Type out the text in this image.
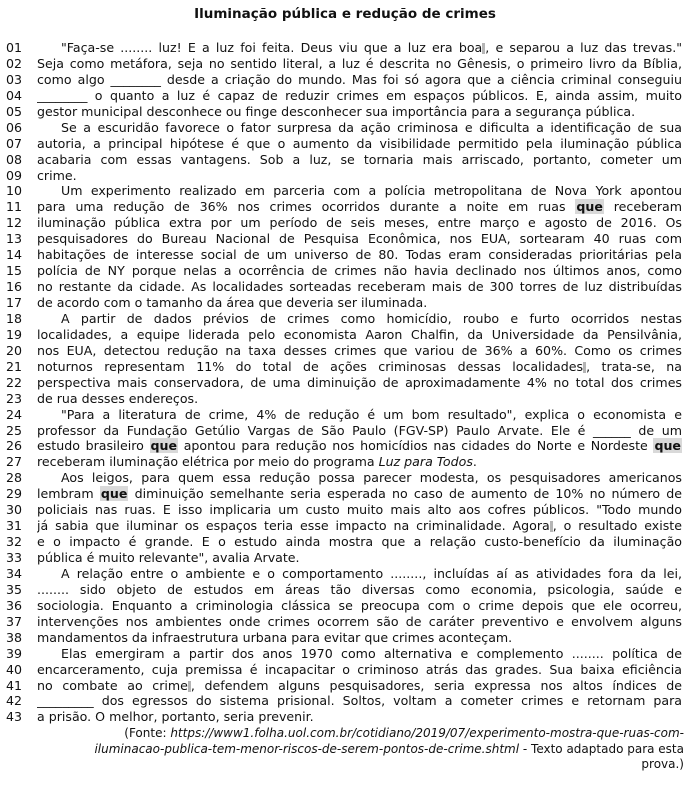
Iluminação pública e redução de crimes
01	"Faça-se ........ luz! E a luz foi feita. Deus viu que a luz era boa , e separou a luz das trevas."
02	Seja como metáfora, seja no sentido literal, a luz é descrita no Gênesis, o primeiro livro da Bíblia,
03	como algo ________ desde a criação do mundo. Mas foi só agora que a ciência criminal conseguiu
04	________ o quanto a luz é capaz de reduzir crimes em espaços públicos. E, ainda assim, muito
05	gestor municipal desconhece ou finge desconhecer sua importância para a segurança pública.
06	Se a escuridão favorece o fator surpresa da ação criminosa e dificulta a identificação de sua
07	autoria, a principal hipótese é que o aumento da visibilidade permitido pela iluminação pública
08	acabaria com essas vantagens. Sob a luz, se tornaria mais arriscado, portanto, cometer um
09	crime.
10	Um experimento realizado em parceria com a polícia metropolitana de Nova York apontou
11	para uma redução de 36% nos crimes ocorridos durante a noite em ruas que receberam
12	iluminação pública extra por um período de seis meses, entre março e agosto de 2016. Os
13	pesquisadores do Bureau Nacional de Pesquisa Econômica, nos EUA, sortearam 40 ruas com
14	habitações de interesse social de um universo de 80. Todas eram consideradas prioritárias pela
15	polícia de NY porque nelas a ocorrência de crimes não havia declinado nos últimos anos, como
16	no restante da cidade. As localidades sorteadas receberam mais de 300 torres de luz distribuídas
17	de acordo com o tamanho da área que deveria ser iluminada.
18	A partir de dados prévios de crimes como homicídio, roubo e furto ocorridos nestas
19	localidades, a equipe liderada pelo economista Aaron Chalfin, da Universidade da Pensilvânia,
20	nos EUA, detectou redução na taxa desses crimes que variou de 36% a 60%. Como os crimes
21	noturnos representam 11% do total de ações criminosas dessas localidades , trata-se, na
22	perspectiva mais conservadora, de uma diminuição de aproximadamente 4% no total dos crimes
23	de rua desses endereços.
24	"Para a literatura de crime, 4% de redução é um bom resultado", explica o economista e
25	professor da Fundação Getúlio Vargas de São Paulo (FGV-SP) Paulo Arvate. Ele é ______ de um
26	estudo brasileiro que apontou para redução nos homicídios nas cidades do Norte e Nordeste que
27	receberam iluminação elétrica por meio do programa Luz para Todos.
28	Aos leigos, para quem essa redução possa parecer modesta, os pesquisadores americanos
29	lembram que diminuição semelhante seria esperada no caso de aumento de 10% no número de
30	policiais nas ruas. E isso implicaria um custo muito mais alto aos cofres públicos. "Todo mundo
31	já sabia que iluminar os espaços teria esse impacto na criminalidade. Agora , o resultado existe
32	e o impacto é grande. E o estudo ainda mostra que a relação custo-benefício da iluminação
33	pública é muito relevante", avalia Arvate.
34	A relação entre o ambiente e o comportamento ........, incluídas aí as atividades fora da lei,
35	........ sido objeto de estudos em áreas tão diversas como economia, psicologia, saúde e
36	sociologia. Enquanto a criminologia clássica se preocupa com o crime depois que ele ocorreu,
37	intervenções nos ambientes onde crimes ocorrem são de caráter preventivo e envolvem alguns
38	mandamentos da infraestrutura urbana para evitar que crimes aconteçam.
39	Elas emergiram a partir dos anos 1970 como alternativa e complemento ........ política de
40	encarceramento, cuja premissa é incapacitar o criminoso atrás das grades. Sua baixa eficiência
41	no combate ao crime , defendem alguns pesquisadores, seria expressa nos altos índices de
42	_________ dos egressos do sistema prisional. Soltos, voltam a cometer crimes e retornam para
43	a prisão. O melhor, portanto, seria prevenir.
(Fonte: https://www1.folha.uol.com.br/cotidiano/2019/07/experimento-mostra-que-ruas-com-
iluminacao-publica-tem-menor-riscos-de-serem-pontos-de-crime.shtml - Texto adaptado para esta
prova.)
